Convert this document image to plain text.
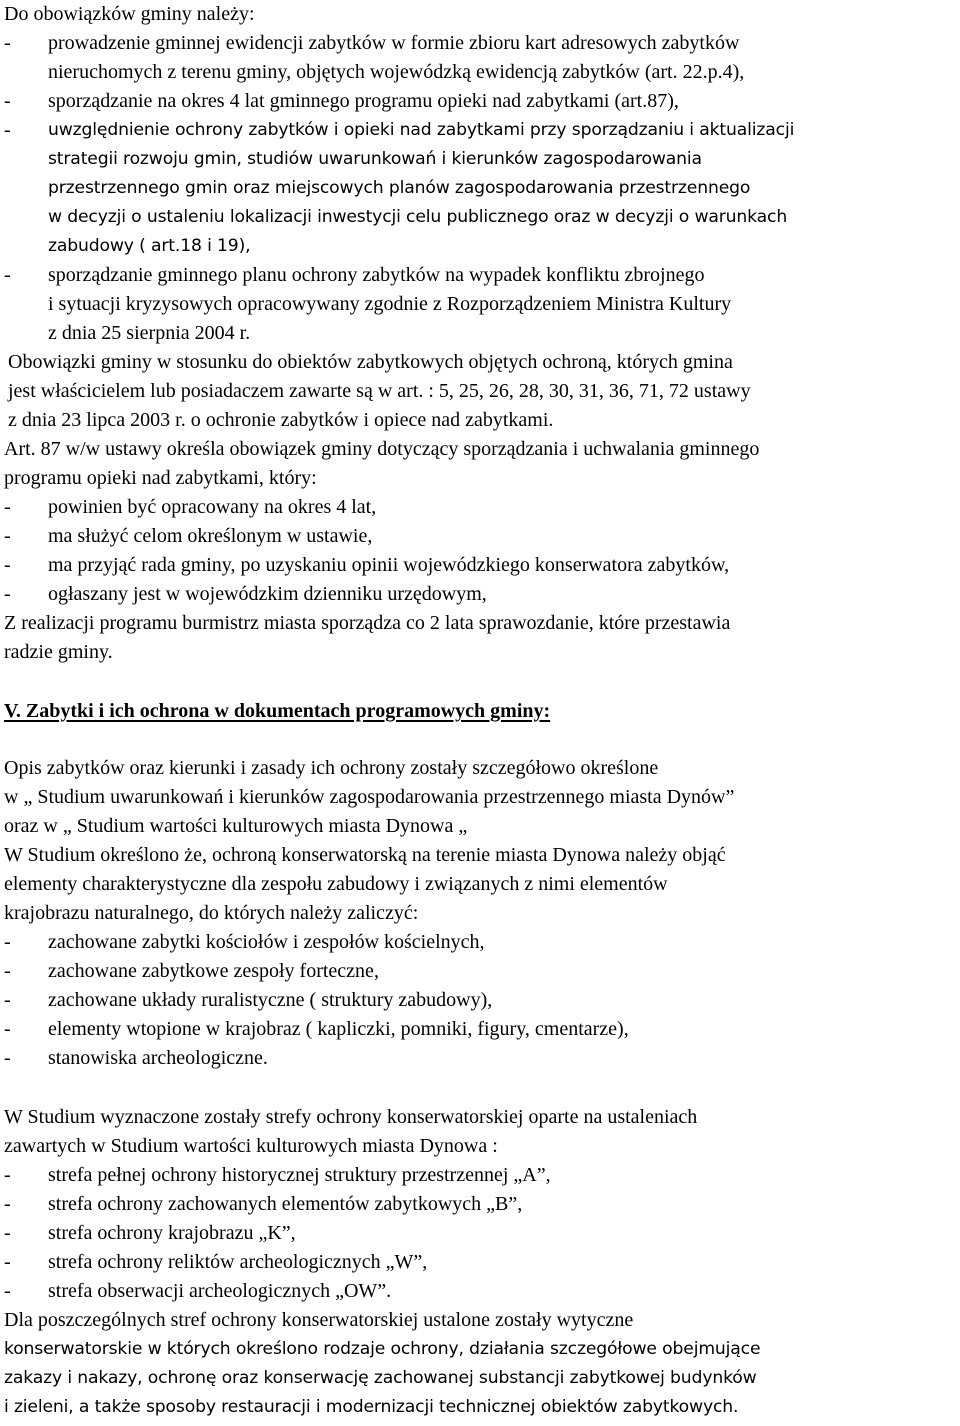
Do obowiązków gminy należy:
- prowadzenie gminnej ewidencji zabytków w formie zbioru kart adresowych zabytków
nieruchomych z terenu gminy, objętych wojewódzką ewidencją zabytków (art. 22.p.4),
- sporządzanie na okres 4 lat gminnego programu opieki nad zabytkami (art.87),
- uwzględnienie ochrony zabytków i opieki nad zabytkami przy sporządzaniu i aktualizacji
strategii rozwoju gmin, studiów uwarunkowań i kierunków zagospodarowania
przestrzennego gmin oraz miejscowych planów zagospodarowania przestrzennego
w decyzji o ustaleniu lokalizacji inwestycji celu publicznego oraz w decyzji o warunkach
zabudowy ( art.18 i 19),
- sporządzanie gminnego planu ochrony zabytków na wypadek konfliktu zbrojnego
i sytuacji kryzysowych opracowywany zgodnie z Rozporządzeniem Ministra Kultury
z dnia 25 sierpnia 2004 r.
Obowiązki gminy w stosunku do obiektów zabytkowych objętych ochroną, których gmina
jest właścicielem lub posiadaczem zawarte są w art. : 5, 25, 26, 28, 30, 31, 36, 71, 72 ustawy
z dnia 23 lipca 2003 r. o ochronie zabytków i opiece nad zabytkami.
Art. 87 w/w ustawy określa obowiązek gminy dotyczący sporządzania i uchwalania gminnego
programu opieki nad zabytkami, który:
- powinien być opracowany na okres 4 lat,
- ma służyć celom określonym w ustawie,
- ma przyjąć rada gminy, po uzyskaniu opinii wojewódzkiego konserwatora zabytków,
- ogłaszany jest w wojewódzkim dzienniku urzędowym,
Z realizacji programu burmistrz miasta sporządza co 2 lata sprawozdanie, które przestawia
radzie gminy.
V. Zabytki i ich ochrona w dokumentach programowych gminy:
Opis zabytków oraz kierunki i zasady ich ochrony zostały szczegółowo określone
w „ Studium uwarunkowań i kierunków zagospodarowania przestrzennego miasta Dynów”
oraz w „ Studium wartości kulturowych miasta Dynowa „
W Studium określono że, ochroną konserwatorską na terenie miasta Dynowa należy objąć
elementy charakterystyczne dla zespołu zabudowy i związanych z nimi elementów
krajobrazu naturalnego, do których należy zaliczyć:
- zachowane zabytki kościołów i zespołów kościelnych,
- zachowane zabytkowe zespoły forteczne,
- zachowane układy ruralistyczne ( struktury zabudowy),
- elementy wtopione w krajobraz ( kapliczki, pomniki, figury, cmentarze),
- stanowiska archeologiczne.
W Studium wyznaczone zostały strefy ochrony konserwatorskiej oparte na ustaleniach
zawartych w Studium wartości kulturowych miasta Dynowa :
- strefa pełnej ochrony historycznej struktury przestrzennej „A”,
- strefa ochrony zachowanych elementów zabytkowych „B”,
- strefa ochrony krajobrazu „K”,
- strefa ochrony reliktów archeologicznych „W”,
- strefa obserwacji archeologicznych „OW”.
Dla poszczególnych stref ochrony konserwatorskiej ustalone zostały wytyczne
konserwatorskie w których określono rodzaje ochrony, działania szczegółowe obejmujące
zakazy i nakazy, ochronę oraz konserwację zachowanej substancji zabytkowej budynków
i zieleni, a także sposoby restauracji i modernizacji technicznej obiektów zabytkowych.
